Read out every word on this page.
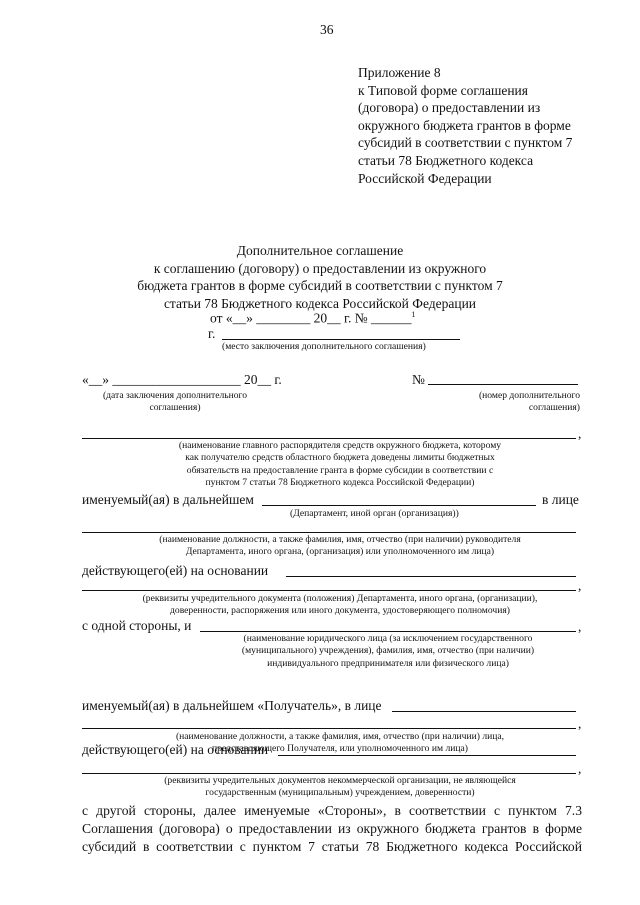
36
Приложение 8
к Типовой форме соглашения
(договора) о предоставлении из
окружного бюджета грантов в форме
субсидий в соответствии с пунктом 7
статьи 78 Бюджетного кодекса
Российской Федерации
Дополнительное соглашение
к соглашению (договору) о предоставлении из окружного
бюджета грантов в форме субсидий в соответствии с пунктом 7
статьи 78 Бюджетного кодекса Российской Федерации
от «__» ________ 20__ г. № ______$^1$
г.
(место заключения дополнительного соглашения)
«__» ___________________ 20__ г.	№
(дата заключения дополнительного
соглашения)
(номер дополнительного
соглашения)
,
(наименование главного распорядителя средств окружного бюджета, которому
как получателю средств областного бюджета доведены лимиты бюджетных
обязательств на предоставление гранта в форме субсидии в соответствии с
пунктом 7 статьи 78 Бюджетного кодекса Российской Федерации)
именуемый(ая) в дальнейшем	в лице
(Департамент, иной орган (организация))
(наименование должности, а также фамилия, имя, отчество (при наличии) руководителя
Департамента, иного органа, (организация) или уполномоченного им лица)
действующего(ей) на основании
,
(реквизиты учредительного документа (положения) Департамента, иного органа, (организации),
доверенности, распоряжения или иного документа, удостоверяющего полномочия)
с одной стороны, и	,
(наименование юридического лица (за исключением государственного
(муниципального) учреждения), фамилия, имя, отчество (при наличии)
индивидуального предпринимателя или физического лица)
именуемый(ая) в дальнейшем «Получатель», в лице
,
(наименование должности, а также фамилия, имя, отчество (при наличии) лица,
представляющего Получателя, или уполномоченного им лица)
действующего(ей) на основании
,
(реквизиты учредительных документов некоммерческой организации, не являющейся
государственным (муниципальным) учреждением, доверенности)
с другой стороны, далее именуемые «Стороны», в соответствии с пунктом 7.3
Соглашения (договора) о предоставлении из окружного бюджета грантов в форме
субсидий в соответствии с пунктом 7 статьи 78 Бюджетного кодекса Российской
